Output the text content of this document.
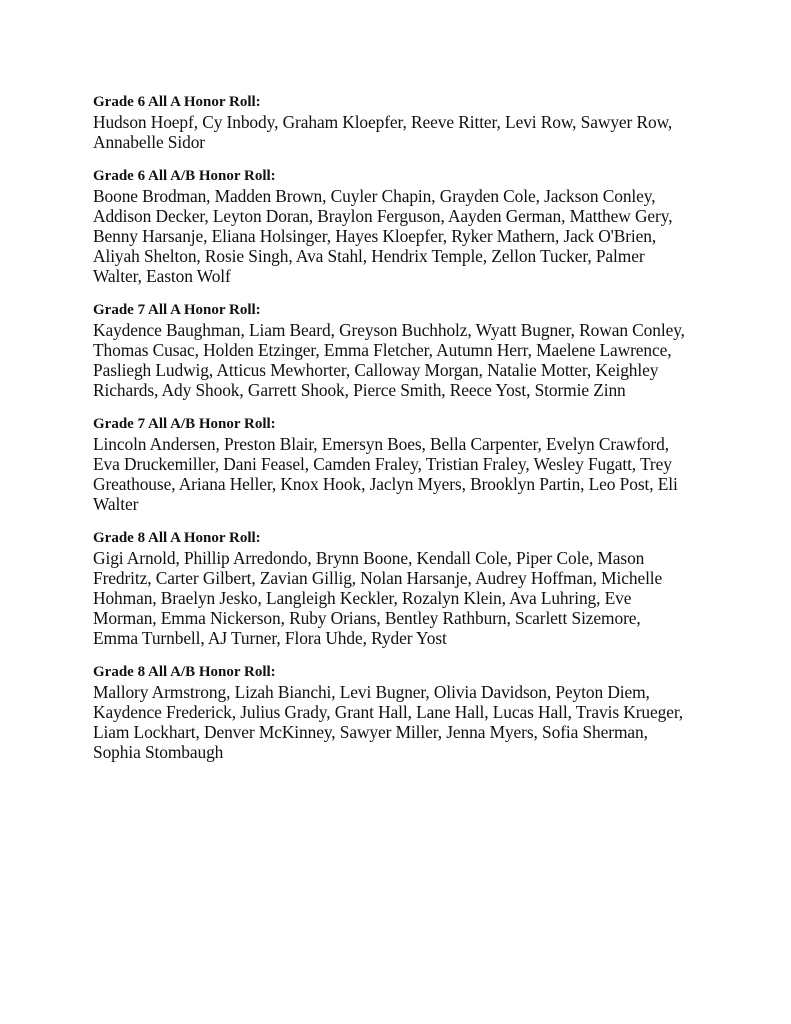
Grade 6 All A Honor Roll:

Hudson Hoepf, Cy Inbody, Graham Kloepfer, Reeve Ritter, Levi Row, Sawyer Row,

Annabelle Sidor

Grade 6 All A/B Honor Roll:

Boone Brodman, Madden Brown, Cuyler Chapin, Grayden Cole, Jackson Conley,

Addison Decker, Leyton Doran, Braylon Ferguson, Aayden German, Matthew Gery,

Benny Harsanje, Eliana Holsinger, Hayes Kloepfer, Ryker Mathern, Jack O'Brien,

Aliyah Shelton, Rosie Singh, Ava Stahl, Hendrix Temple, Zellon Tucker, Palmer

Walter, Easton Wolf

Grade 7 All A Honor Roll:

Kaydence Baughman, Liam Beard, Greyson Buchholz, Wyatt Bugner, Rowan Conley,

Thomas Cusac, Holden Etzinger, Emma Fletcher, Autumn Herr, Maelene Lawrence,

Pasliegh Ludwig, Atticus Mewhorter, Calloway Morgan, Natalie Motter, Keighley

Richards, Ady Shook, Garrett Shook, Pierce Smith, Reece Yost, Stormie Zinn

Grade 7 All A/B Honor Roll:

Lincoln Andersen, Preston Blair, Emersyn Boes, Bella Carpenter, Evelyn Crawford,

Eva Druckemiller, Dani Feasel, Camden Fraley, Tristian Fraley, Wesley Fugatt, Trey

Greathouse, Ariana Heller, Knox Hook, Jaclyn Myers, Brooklyn Partin, Leo Post, Eli

Walter

Grade 8 All A Honor Roll:

Gigi Arnold, Phillip Arredondo, Brynn Boone, Kendall Cole, Piper Cole, Mason

Fredritz, Carter Gilbert, Zavian Gillig, Nolan Harsanje, Audrey Hoffman, Michelle

Hohman, Braelyn Jesko, Langleigh Keckler, Rozalyn Klein, Ava Luhring, Eve

Morman, Emma Nickerson, Ruby Orians, Bentley Rathburn, Scarlett Sizemore,

Emma Turnbell, AJ Turner, Flora Uhde, Ryder Yost

Grade 8 All A/B Honor Roll:

Mallory Armstrong, Lizah Bianchi, Levi Bugner, Olivia Davidson, Peyton Diem,

Kaydence Frederick, Julius Grady, Grant Hall, Lane Hall, Lucas Hall, Travis Krueger,

Liam Lockhart, Denver McKinney, Sawyer Miller, Jenna Myers, Sofia Sherman,

Sophia Stombaugh
